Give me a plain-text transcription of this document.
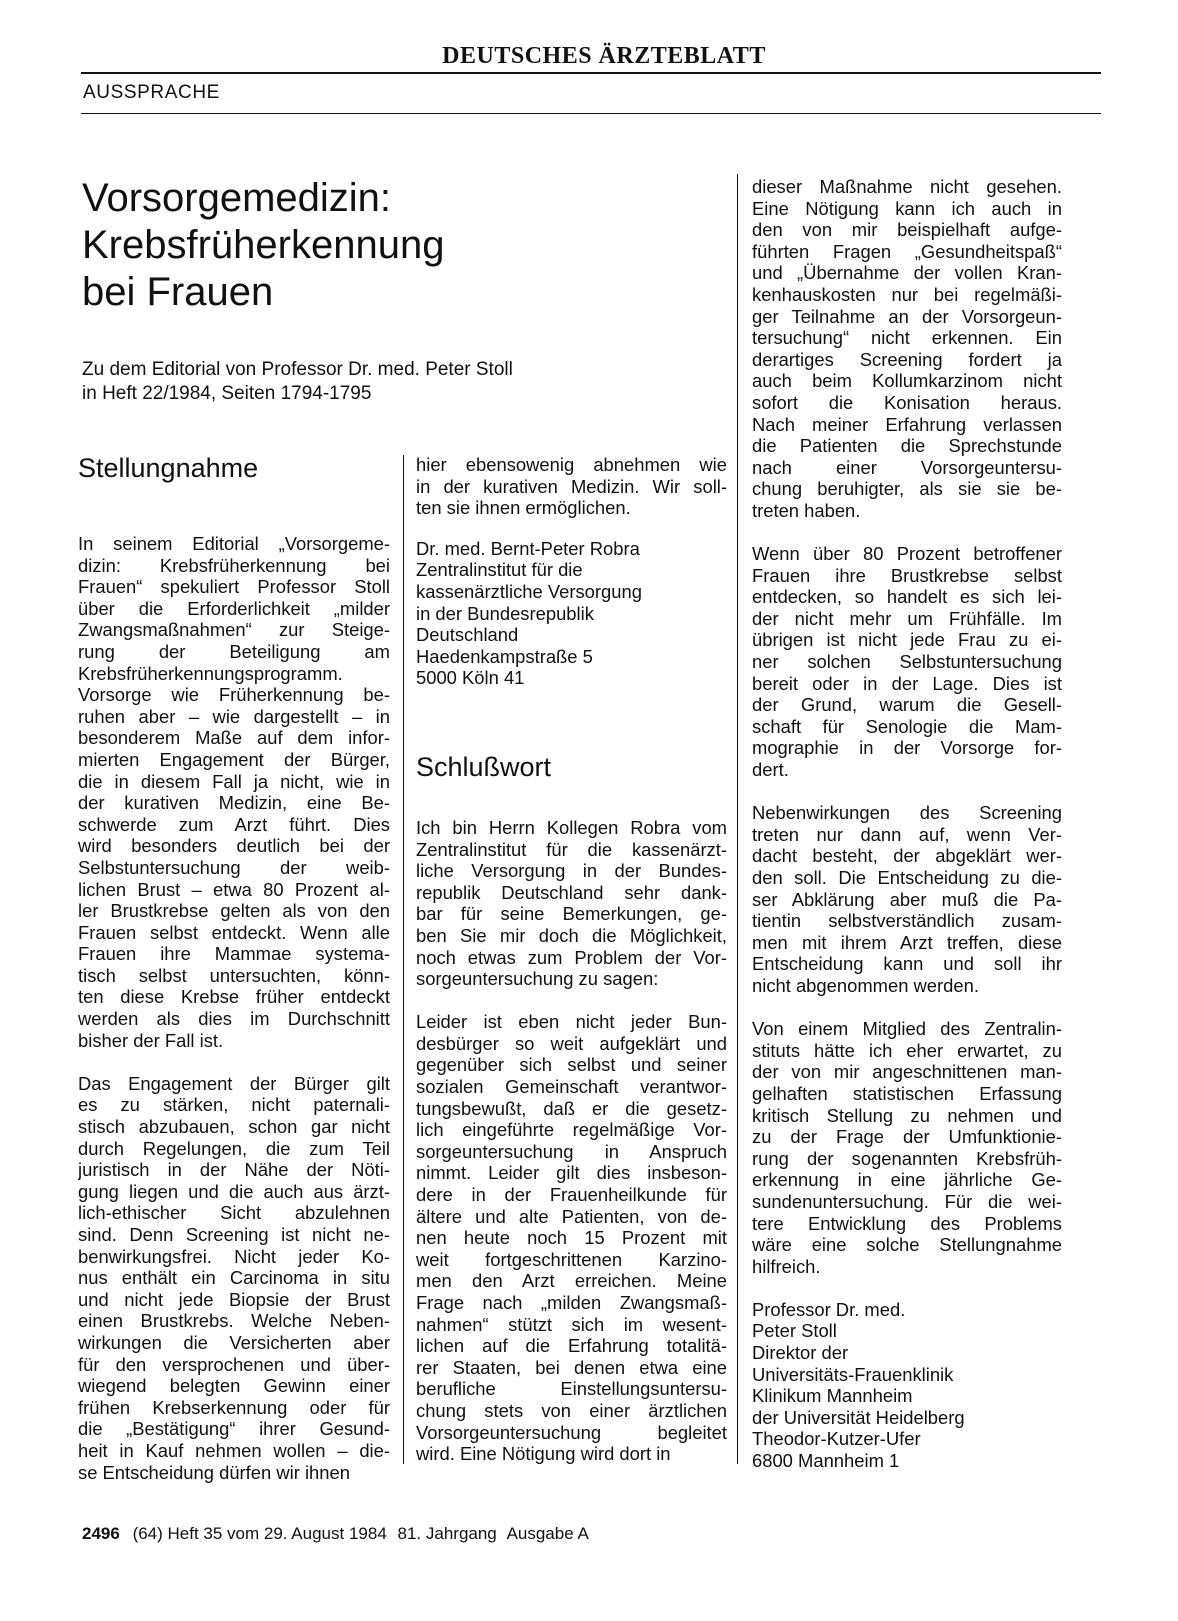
DEUTSCHES ÄRZTEBLATT
AUSSPRACHE
Vorsorgemedizin:
Krebsfrüherkennung
bei Frauen
Zu dem Editorial von Professor Dr. med. Peter Stoll
in Heft 22/1984, Seiten 1794-1795
Stellungnahme
In seinem Editorial „Vorsorgeme-
dizin: Krebsfrüherkennung bei
Frauen“ spekuliert Professor Stoll
über die Erforderlichkeit „milder
Zwangsmaßnahmen“ zur Steige-
rung der Beteiligung am
Krebsfrüherkennungsprogramm.
Vorsorge wie Früherkennung be-
ruhen aber – wie dargestellt – in
besonderem Maße auf dem infor-
mierten Engagement der Bürger,
die in diesem Fall ja nicht, wie in
der kurativen Medizin, eine Be-
schwerde zum Arzt führt. Dies
wird besonders deutlich bei der
Selbstuntersuchung der weib-
lichen Brust – etwa 80 Prozent al-
ler Brustkrebse gelten als von den
Frauen selbst entdeckt. Wenn alle
Frauen ihre Mammae systema-
tisch selbst untersuchten, könn-
ten diese Krebse früher entdeckt
werden als dies im Durchschnitt
bisher der Fall ist.
Das Engagement der Bürger gilt
es zu stärken, nicht paternali-
stisch abzubauen, schon gar nicht
durch Regelungen, die zum Teil
juristisch in der Nähe der Nöti-
gung liegen und die auch aus ärzt-
lich-ethischer Sicht abzulehnen
sind. Denn Screening ist nicht ne-
benwirkungsfrei. Nicht jeder Ko-
nus enthält ein Carcinoma in situ
und nicht jede Biopsie der Brust
einen Brustkrebs. Welche Neben-
wirkungen die Versicherten aber
für den versprochenen und über-
wiegend belegten Gewinn einer
frühen Krebserkennung oder für
die „Bestätigung“ ihrer Gesund-
heit in Kauf nehmen wollen – die-
se Entscheidung dürfen wir ihnen
hier ebensowenig abnehmen wie
in der kurativen Medizin. Wir soll-
ten sie ihnen ermöglichen.
Dr. med. Bernt-Peter Robra
Zentralinstitut für die
kassenärztliche Versorgung
in der Bundesrepublik
Deutschland
Haedenkampstraße 5
5000 Köln 41
Schlußwort
Ich bin Herrn Kollegen Robra vom
Zentralinstitut für die kassenärzt-
liche Versorgung in der Bundes-
republik Deutschland sehr dank-
bar für seine Bemerkungen, ge-
ben Sie mir doch die Möglichkeit,
noch etwas zum Problem der Vor-
sorgeuntersuchung zu sagen:
Leider ist eben nicht jeder Bun-
desbürger so weit aufgeklärt und
gegenüber sich selbst und seiner
sozialen Gemeinschaft verantwor-
tungsbewußt, daß er die gesetz-
lich eingeführte regelmäßige Vor-
sorgeuntersuchung in Anspruch
nimmt. Leider gilt dies insbeson-
dere in der Frauenheilkunde für
ältere und alte Patienten, von de-
nen heute noch 15 Prozent mit
weit fortgeschrittenen Karzino-
men den Arzt erreichen. Meine
Frage nach „milden Zwangsmaß-
nahmen“ stützt sich im wesent-
lichen auf die Erfahrung totalitä-
rer Staaten, bei denen etwa eine
berufliche Einstellungsuntersu-
chung stets von einer ärztlichen
Vorsorgeuntersuchung begleitet
wird. Eine Nötigung wird dort in
dieser Maßnahme nicht gesehen.
Eine Nötigung kann ich auch in
den von mir beispielhaft aufge-
führten Fragen „Gesundheitspaß“
und „Übernahme der vollen Kran-
kenhauskosten nur bei regelmäßi-
ger Teilnahme an der Vorsorgeun-
tersuchung“ nicht erkennen. Ein
derartiges Screening fordert ja
auch beim Kollumkarzinom nicht
sofort die Konisation heraus.
Nach meiner Erfahrung verlassen
die Patienten die Sprechstunde
nach einer Vorsorgeuntersu-
chung beruhigter, als sie sie be-
treten haben.
Wenn über 80 Prozent betroffener
Frauen ihre Brustkrebse selbst
entdecken, so handelt es sich lei-
der nicht mehr um Frühfälle. Im
übrigen ist nicht jede Frau zu ei-
ner solchen Selbstuntersuchung
bereit oder in der Lage. Dies ist
der Grund, warum die Gesell-
schaft für Senologie die Mam-
mographie in der Vorsorge for-
dert.
Nebenwirkungen des Screening
treten nur dann auf, wenn Ver-
dacht besteht, der abgeklärt wer-
den soll. Die Entscheidung zu die-
ser Abklärung aber muß die Pa-
tientin selbstverständlich zusam-
men mit ihrem Arzt treffen, diese
Entscheidung kann und soll ihr
nicht abgenommen werden.
Von einem Mitglied des Zentralin-
stituts hätte ich eher erwartet, zu
der von mir angeschnittenen man-
gelhaften statistischen Erfassung
kritisch Stellung zu nehmen und
zu der Frage der Umfunktionie-
rung der sogenannten Krebsfrüh-
erkennung in eine jährliche Ge-
sundenuntersuchung. Für die wei-
tere Entwicklung des Problems
wäre eine solche Stellungnahme
hilfreich.
Professor Dr. med.
Peter Stoll
Direktor der
Universitäts-Frauenklinik
Klinikum Mannheim
der Universität Heidelberg
Theodor-Kutzer-Ufer
6800 Mannheim 1
2496 (64) Heft 35 vom 29. August 1984 81. Jahrgang Ausgabe A
